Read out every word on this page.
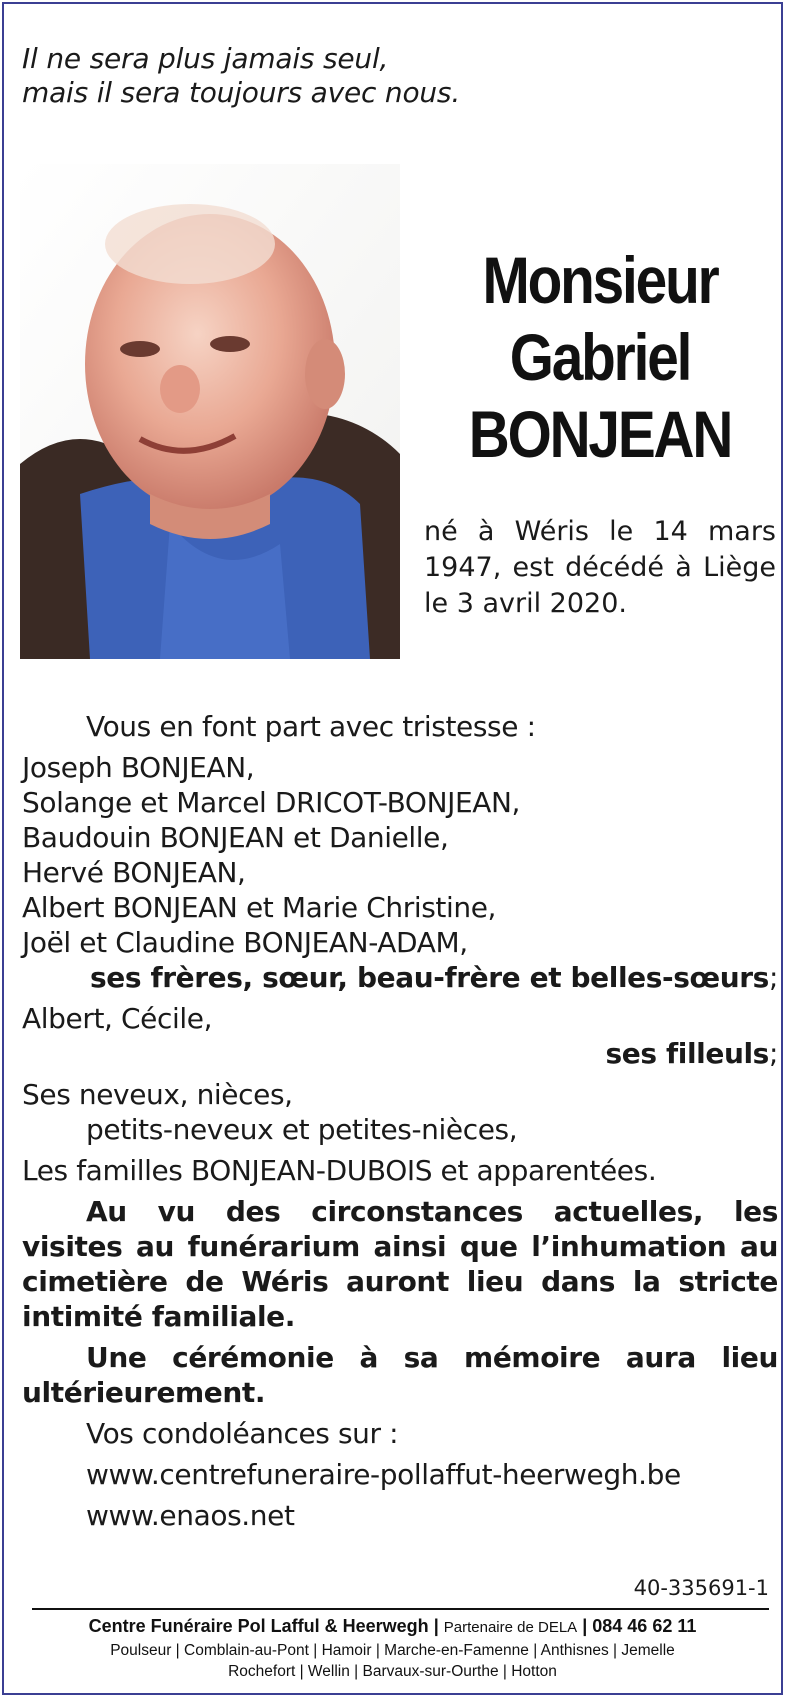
Il ne sera plus jamais seul,
mais il sera toujours avec nous.
Monsieur
Gabriel
BONJEAN
né à Wéris le 14 mars 1947, est décédé à Liège le 3 avril 2020.
Vous en font part avec tristesse :
Joseph BONJEAN,
Solange et Marcel DRICOT-BONJEAN,
Baudouin BONJEAN et Danielle,
Hervé BONJEAN,
Albert BONJEAN et Marie Christine,
Joël et Claudine BONJEAN-ADAM,
ses frères, sœur, beau-frère et belles-sœurs;
Albert, Cécile,
ses filleuls;
Ses neveux, nièces,
petits-neveux et petites-nièces,
Les familles BONJEAN-DUBOIS et apparentées.
Au vu des circonstances actuelles, les visites au funérarium ainsi que l’inhumation au cimetière de Wéris auront lieu dans la stricte intimité familiale.
Une cérémonie à sa mémoire aura lieu ultérieurement.
Vos condoléances sur :
www.centrefuneraire-pollaffut-heerwegh.be
www.enaos.net
40-335691-1
Centre Funéraire Pol Lafful & Heerwegh | Partenaire de DELA | 084 46 62 11
Poulseur | Comblain-au-Pont | Hamoir | Marche-en-Famenne | Anthisnes | Jemelle
Rochefort | Wellin | Barvaux-sur-Ourthe | Hotton
